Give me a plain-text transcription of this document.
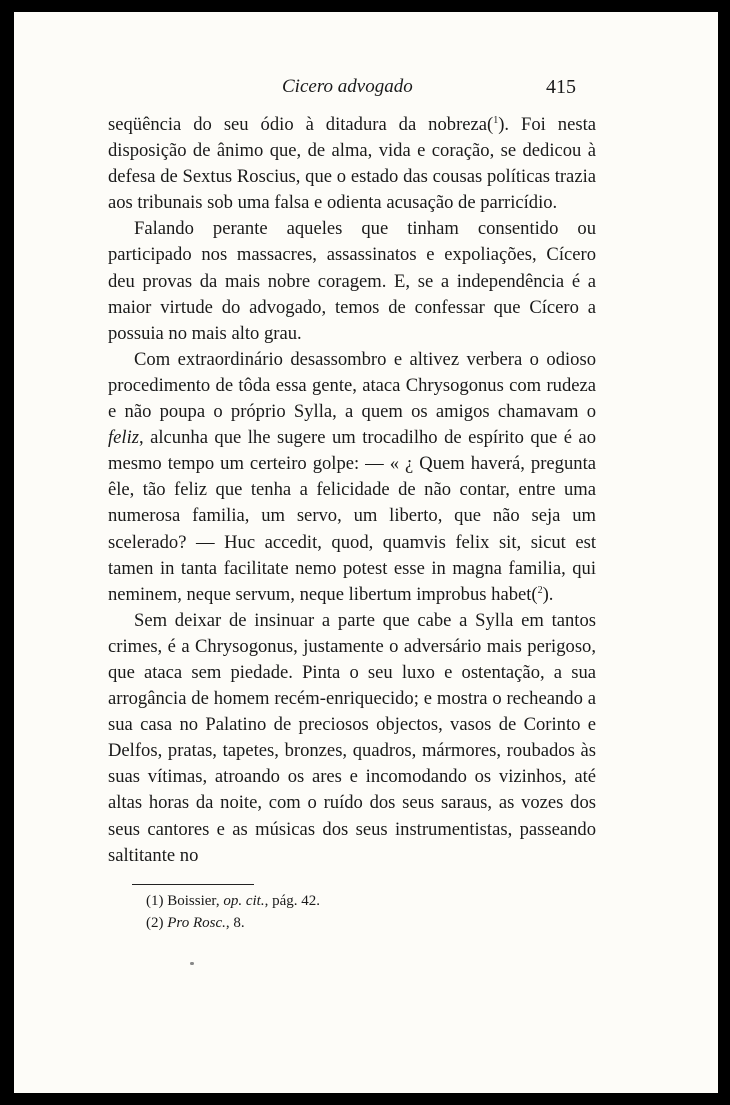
Cicero advogado	415

seqüência do seu ódio à ditadura da nobreza($^1$). Foi nesta disposição de ânimo que, de alma, vida e coração, se dedicou à defesa de Sextus Roscius, que o estado das cousas políticas trazia aos tribunais sob uma falsa e odienta acusação de parricídio.

Falando perante aqueles que tinham consentido ou participado nos massacres, assassinatos e expoliações, Cícero deu provas da mais nobre coragem. E, se a independência é a maior virtude do advogado, temos de confessar que Cícero a possuia no mais alto grau.

Com extraordinário desassombro e altivez verbera o odioso procedimento de tôda essa gente, ataca Chrysogonus com rudeza e não poupa o próprio Sylla, a quem os amigos chamavam o feliz, alcunha que lhe sugere um trocadilho de espírito que é ao mesmo tempo um certeiro golpe: — « ¿ Quem haverá, pregunta êle, tão feliz que tenha a felicidade de não contar, entre uma numerosa familia, um servo, um liberto, que não seja um scelerado? — Huc accedit, quod, quamvis felix sit, sicut est tamen in tanta facilitate nemo potest esse in magna familia, qui neminem, neque servum, neque libertum improbus habet($^2$).

Sem deixar de insinuar a parte que cabe a Sylla em tantos crimes, é a Chrysogonus, justamente o adversário mais perigoso, que ataca sem piedade. Pinta o seu luxo e ostentação, a sua arrogância de homem recém-enriquecido; e mostra o recheando a sua casa no Palatino de preciosos objectos, vasos de Corinto e Delfos, pratas, tapetes, bronzes, quadros, mármores, roubados às suas vítimas, atroando os ares e incomodando os vizinhos, até altas horas da noite, com o ruído dos seus saraus, as vozes dos seus cantores e as músicas dos seus instrumentistas, passeando saltitante no

(1) Boissier, op. cit., pág. 42.

(2) Pro Rosc., 8.
